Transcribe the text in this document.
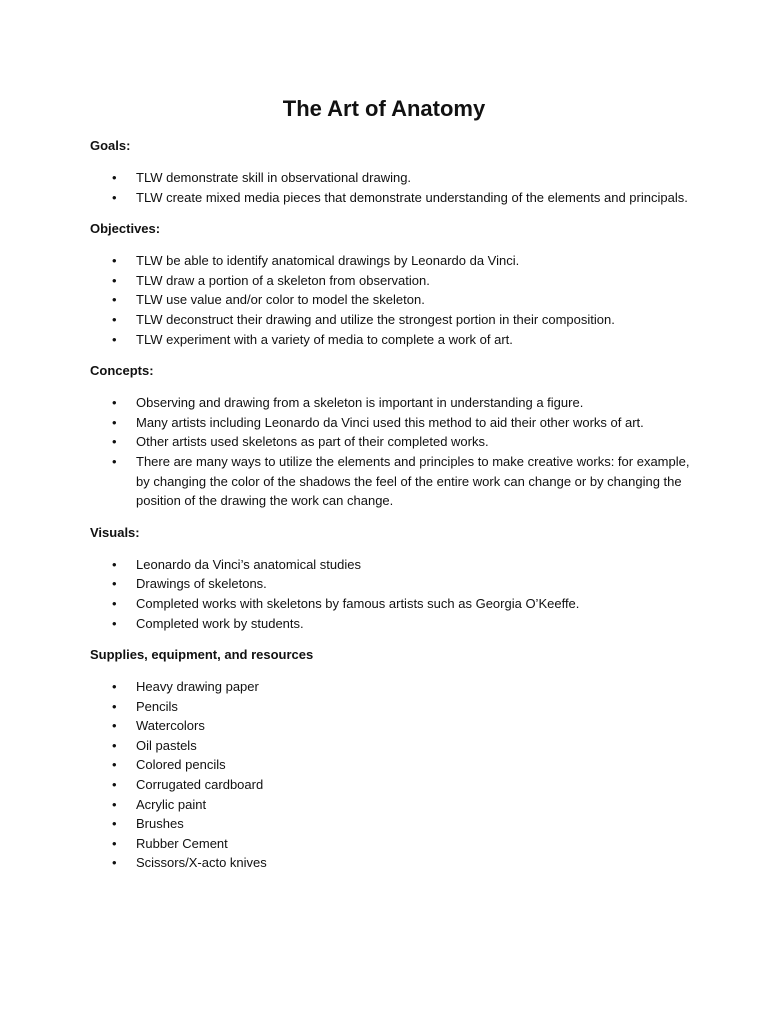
The Art of Anatomy

Goals:

• TLW demonstrate skill in observational drawing.
• TLW create mixed media pieces that demonstrate understanding of the elements and principals.

Objectives:

• TLW be able to identify anatomical drawings by Leonardo da Vinci.
• TLW draw a portion of a skeleton from observation.
• TLW use value and/or color to model the skeleton.
• TLW deconstruct their drawing and utilize the strongest portion in their composition.
• TLW experiment with a variety of media to complete a work of art.

Concepts:

• Observing and drawing from a skeleton is important in understanding a figure.
• Many artists including Leonardo da Vinci used this method to aid their other works of art.
• Other artists used skeletons as part of their completed works.
• There are many ways to utilize the elements and principles to make creative works: for example, by changing the color of the shadows the feel of the entire work can change or by changing the position of the drawing the work can change.

Visuals:

• Leonardo da Vinci’s anatomical studies
• Drawings of skeletons.
• Completed works with skeletons by famous artists such as Georgia O’Keeffe.
• Completed work by students.

Supplies, equipment, and resources

• Heavy drawing paper
• Pencils
• Watercolors
• Oil pastels
• Colored pencils
• Corrugated cardboard
• Acrylic paint
• Brushes
• Rubber Cement
• Scissors/X-acto knives
